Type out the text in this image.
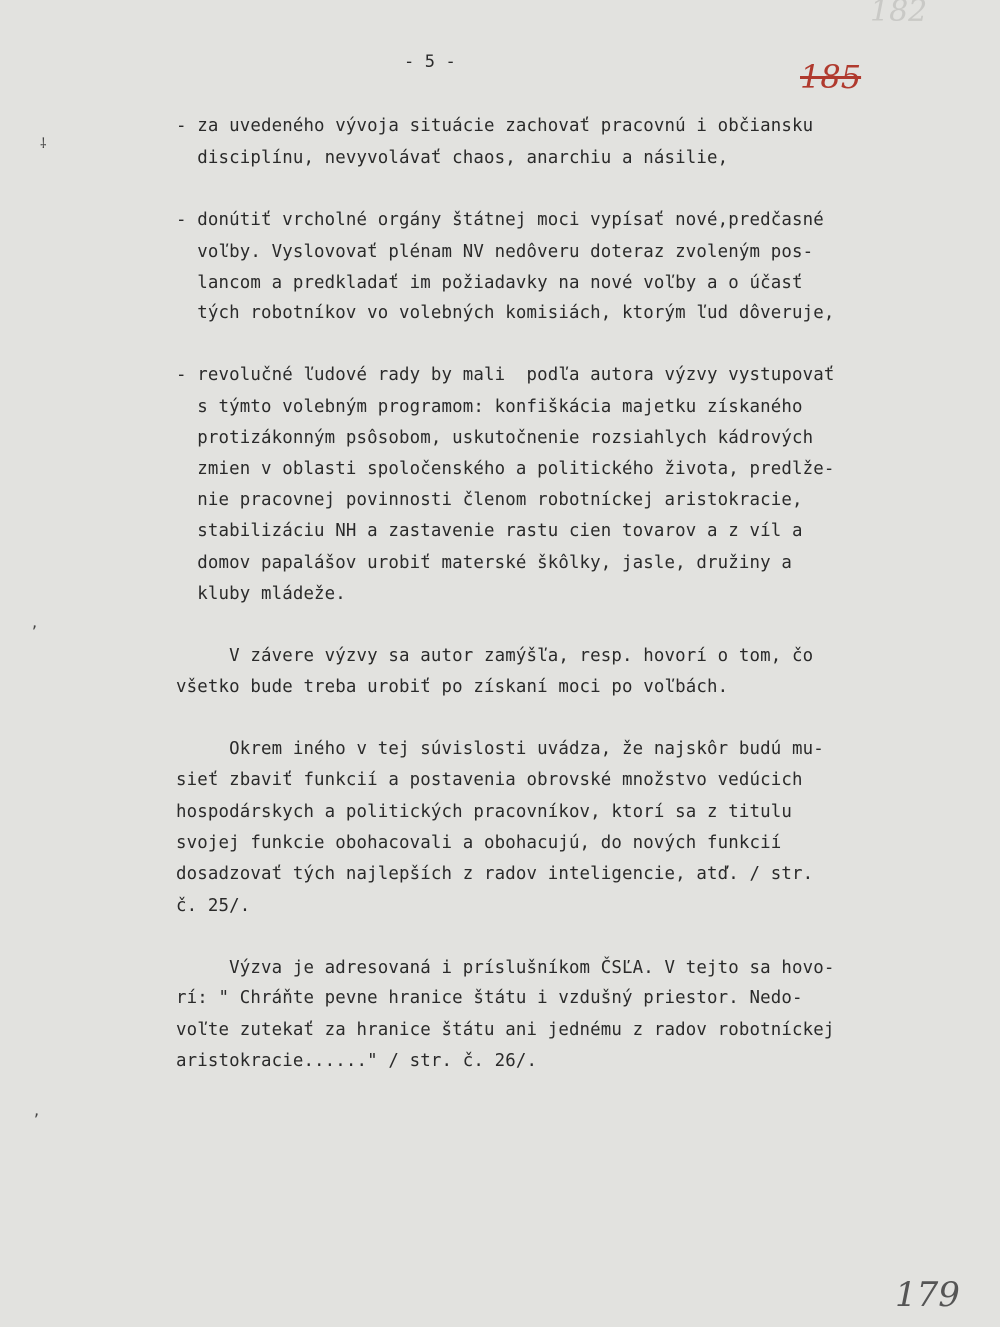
- 5 -
182
185
⸸
ʼ
ʼ
- za uvedeného vývoja situácie zachovať pracovnú i občiansku
disciplínu, nevyvolávať chaos, anarchiu a násilie,
- donútiť vrcholné orgány štátnej moci vypísať nové,predčasné
voľby. Vyslovovať plénam NV nedôveru doteraz zvoleným pos-
lancom a predkladať im požiadavky na nové voľby a o účasť
tých robotníkov vo volebných komisiách, ktorým ľud dôveruje,
- revolučné ľudové rady by mali  podľa autora výzvy vystupovať
s týmto volebným programom: konfiškácia majetku získaného
protizákonným psôsobom, uskutočnenie rozsiahlych kádrových
zmien v oblasti spoločenského a politického života, predlže-
nie pracovnej povinnosti členom robotníckej aristokracie,
stabilizáciu NH a zastavenie rastu cien tovarov a z víl a
domov papalášov urobiť materské škôlky, jasle, družiny a
kluby mládeže.
V závere výzvy sa autor zamýšľa, resp. hovorí o tom, čo
všetko bude treba urobiť po získaní moci po voľbách.
Okrem iného v tej súvislosti uvádza, že najskôr budú mu-
sieť zbaviť funkcií a postavenia obrovské množstvo vedúcich
hospodárskych a politických pracovníkov, ktorí sa z titulu
svojej funkcie obohacovali a obohacujú, do nových funkcií
dosadzovať tých najlepších z radov inteligencie, atď. / str.
č. 25/.
Výzva je adresovaná i príslušníkom ČSĽA. V tejto sa hovo-
rí: " Chráňte pevne hranice štátu i vzdušný priestor. Nedo-
voľte zutekať za hranice štátu ani jednému z radov robotníckej
aristokracie......" / str. č. 26/.
179
